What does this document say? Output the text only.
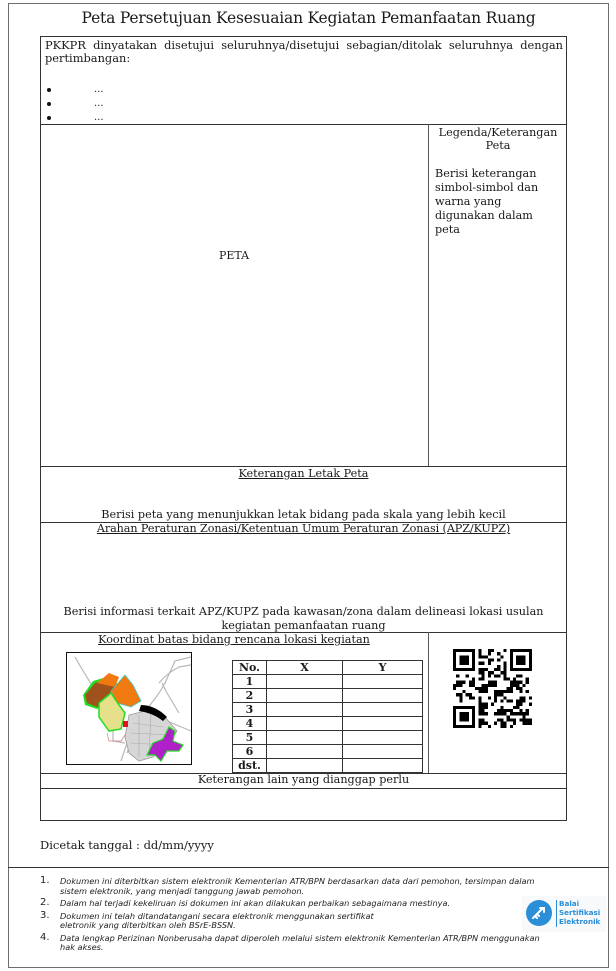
Peta Persetujuan Kesesuaian Kegiatan Pemanfaatan Ruang
PKKPR dinyatakan disetujui seluruhnya/disetujui sebagian/ditolak seluruhnya dengan pertimbangan:
...
...
...
PETA
Legenda/Keterangan Peta
Berisi keterangan simbol-simbol dan warna yang digunakan dalam peta
Keterangan Letak Peta
Berisi peta yang menunjukkan letak bidang pada skala yang lebih kecil
Arahan Peraturan Zonasi/Ketentuan Umum Peraturan Zonasi (APZ/KUPZ)
Berisi informasi terkait APZ/KUPZ pada kawasan/zona dalam delineasi lokasi usulan kegiatan pemanfaatan ruang
Koordinat batas bidang rencana lokasi kegiatan
No.	X	Y
1		
2		
3		
4		
5		
6		
dst.		
Keterangan lain yang dianggap perlu
Dicetak tanggal : dd/mm/yyyy
1. Dokumen ini diterbitkan sistem elektronik Kementerian ATR/BPN berdasarkan data dari pemohon, tersimpan dalam sistem elektronik, yang menjadi tanggung jawab pemohon.
2. Dalam hal terjadi kekeliruan isi dokumen ini akan dilakukan perbaikan sebagaimana mestinya.
3. Dokumen ini telah ditandatangani secara elektronik menggunakan sertifikat eletronik yang diterbitkan oleh BSrE-BSSN.
4. Data lengkap Perizinan Nonberusaha dapat diperoleh melalui sistem elektronik Kementerian ATR/BPN menggunakan hak akses.
Balai
Sertifikasi
Elektronik
